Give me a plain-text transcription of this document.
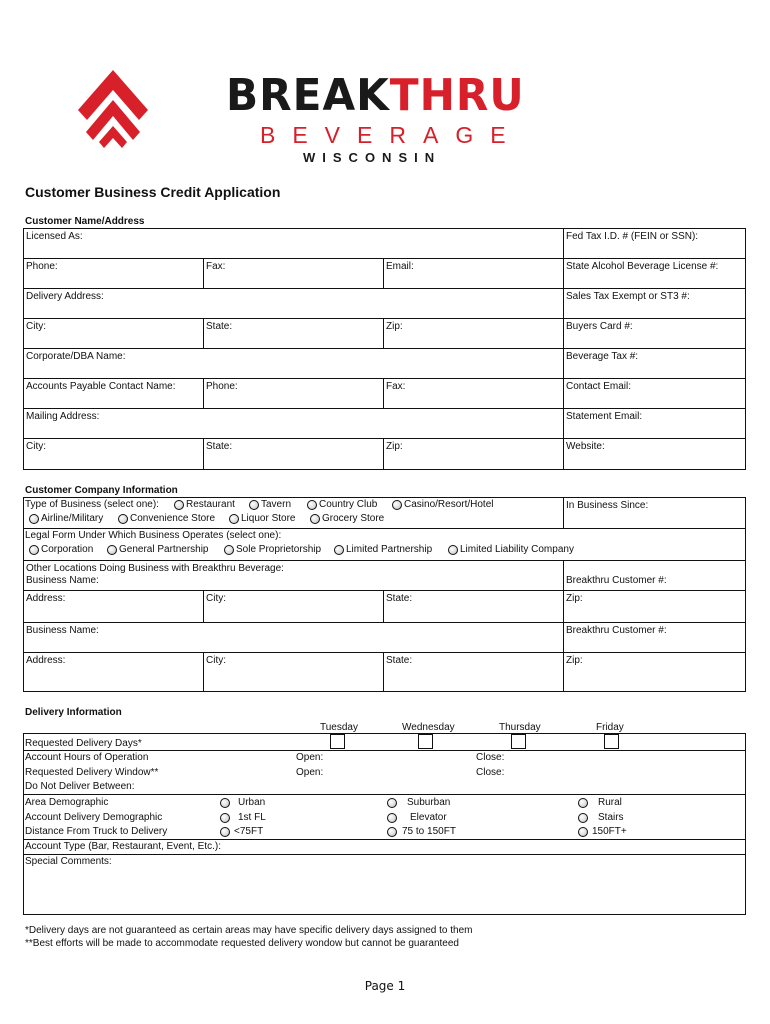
BREAKTHRU
BEVERAGE
WISCONSIN
Customer Business Credit Application
Customer Name/Address
Licensed As:	Fed Tax I.D. # (FEIN or SSN):
Phone:	Fax:	Email:	State Alcohol Beverage License #:
Delivery Address:	Sales Tax Exempt or ST3 #:
City:	State:	Zip:	Buyers Card #:
Corporate/DBA Name:	Beverage Tax #:
Accounts Payable Contact Name:	Phone:	Fax:	Contact Email:
Mailing Address:	Statement Email:
City:	State:	Zip:	Website:
Customer Company Information
Type of Business (select one):	Restaurant	Tavern	Country Club	Casino/Resort/Hotel
Airline/Military	Convenience Store	Liquor Store	Grocery Store
In Business Since:
Legal Form Under Which Business Operates (select one):
Corporation	General Partnership	Sole Proprietorship Limited Partnership	Limited Liability Company
Other Locations Doing Business with Breakthru Beverage:
Business Name:	Breakthru Customer #:
Address:	City:	State:	Zip:
Business Name:	Breakthru Customer #:
Address:	City:	State:	Zip:
Delivery Information
Tuesday	Wednesday	Thursday	Friday
Requested Delivery Days*
Account Hours of Operation	Open:	Close:
Requested Delivery Window**	Open:	Close:
Do Not Deliver Between:
Area Demographic	Urban	Suburban	Rural
Account Delivery Demographic	1st FL	Elevator	Stairs
Distance From Truck to Delivery	<75FT	75 to 150FT	150FT+
Account Type (Bar, Restaurant, Event, Etc.):
Special Comments:
*Delivery days are not guaranteed as certain areas may have specific delivery days assigned to them
**Best efforts will be made to accommodate requested delivery wondow but cannot be guaranteed
Page 1
